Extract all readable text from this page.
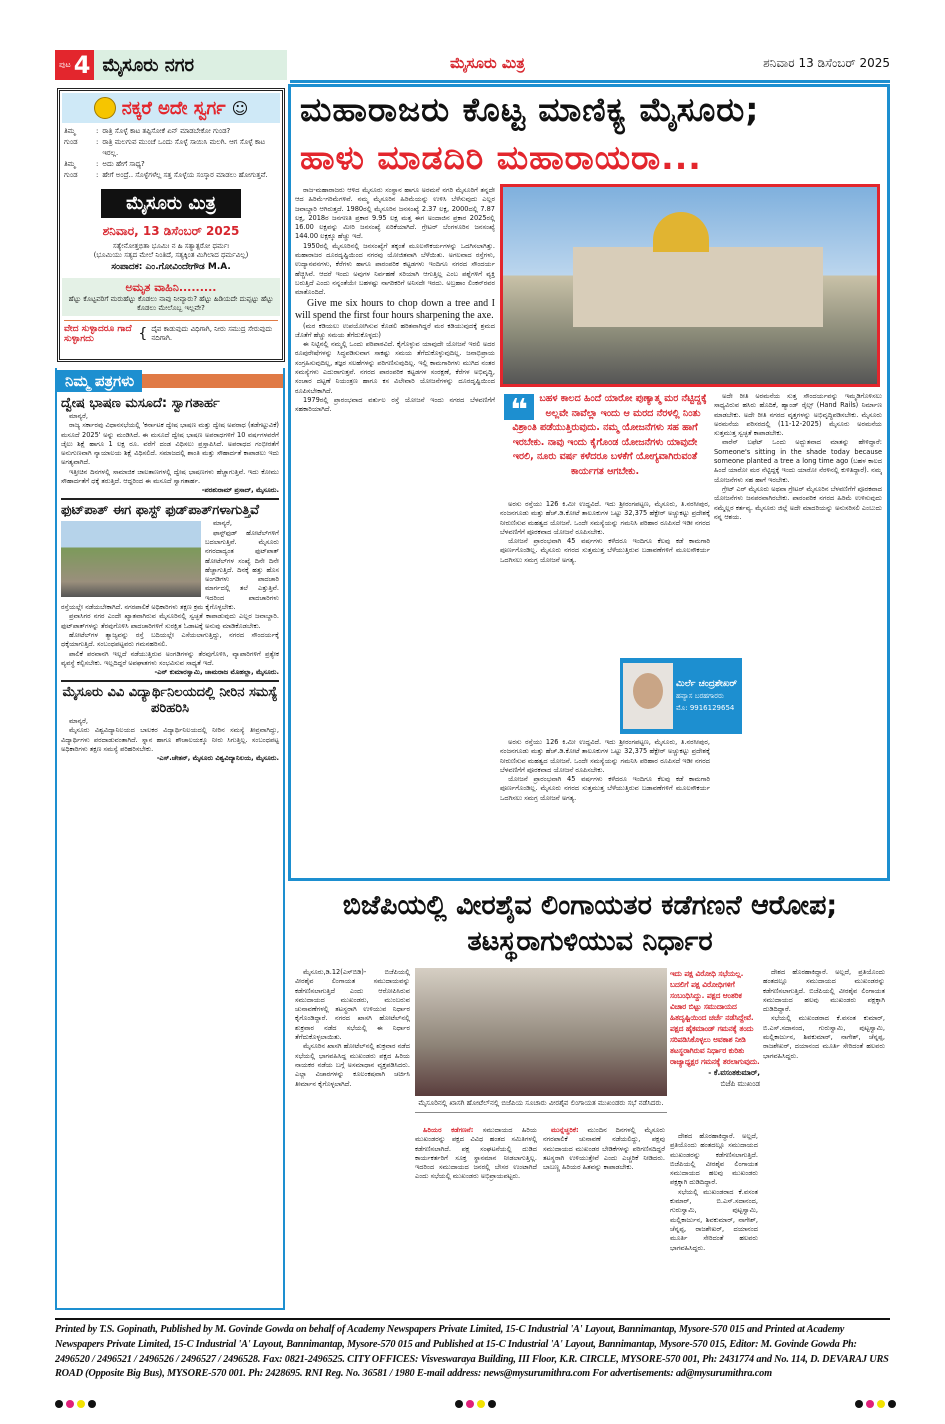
ಪುಟ 4 ಮೈಸೂರು ನಗರ	ಮೈಸೂರು ಮಿತ್ರ	ಶನಿವಾರ 13 ಡಿಸೆಂಬರ್ 2025
ನಕ್ಕರೆ ಅದೇ ಸ್ವರ್ಗ ☺
ತಿಮ್ಮ	: ರಾತ್ರಿ ಸೊಳ್ಳೆ ಕಾಟ ತಪ್ಪಿಸೋಕೆ ಏನ್ ಮಾಡಬೇಕೋ ಗುಂಡ?
ಗುಂಡ	: ರಾತ್ರಿ ಮಲಗುವ ಮುಂಚೆ ಒಂದು ಸೊಳ್ಳೆ ಸಾಯಿಸಿ ಮಲಗಿ. ಆಗ ಸೊಳ್ಳೆ ಕಾಟ ಇರಲ್ಲ.
ತಿಮ್ಮ	: ಅದು ಹೇಗೆ ಸಾಧ್ಯ?
ಗುಂಡ	: ಹೇಗೆ ಅಂದ್ರೆ.. ಸೊಳ್ಳೆಗಳೆಲ್ಲ ಸತ್ತ ಸೊಳ್ಳೆಯ ಸಂಸ್ಕಾರ ಮಾಡಲು ಹೋಗುತ್ತವೆ.
ಮೈಸೂರು ಮಿತ್ರ
ಶನಿವಾರ, 13 ಡಿಸೆಂಬರ್ 2025
ಸತ್ಯೇನೋತ್ತಭಿತಾ ಭೂಮಿಃ ನ ಹಿ ಸತ್ಯಾತ್ಪರೋ ಧರ್ಮಃ
(ಭೂಮಿಯು ಸತ್ಯದ ಮೇಲೆ ನಿಂತಿದೆ, ಸತ್ಯಕ್ಕಿಂತ ಮಿಗಿಲಾದ ಧರ್ಮವಿಲ್ಲ)
ಸಂಪಾದಕ: ಎಂ.ಗೋವಿಂದೇಗೌಡ M.A.
ಅಮೃತ ವಾಹಿನಿ.........
ಹೆಟ್ಟು ಕೊಟ್ಟವರಿಗೆ ಮರುಹೆಟ್ಟು ಕೊಡಲು ನಾವು ನೀವ್ಯಾರು? ಹೆಟ್ಟು ಹಿಡಿಯದೇ ದುಪ್ಪಟ್ಟು ಹೆಟ್ಟು ಕೊಡಲು ಮೇಲೊಬ್ಬ ಇಲ್ಲವೇ?
ವೇದ ಸುಳ್ಳಾದರೂ ಗಾದೆ ಸುಳ್ಳಾಗದು	{ ದೈವ ಕಾಡುವುದು ವಿಧಿಗಾಗಿ, ನೀರು ಸಮುದ್ರ ಸೇರುವುದು ನದಿಗಾಗಿ.
ನಿಮ್ಮ ಪತ್ರಗಳು
ದ್ವೇಷ ಭಾಷಣ ಮಸೂದೆ: ಸ್ವಾಗತಾರ್ಹ

ಮಾನ್ಯರೆ,

ರಾಜ್ಯ ಸರ್ಕಾರವು ವಿಧಾನಸಭೆಯಲ್ಲಿ 'ಕರ್ನಾಟಕ ದ್ವೇಷ ಭಾಷಣ ಮತ್ತು ದ್ವೇಷ ಅಪರಾಧ (ತಡೆಗಟ್ಟುವಿಕೆ) ಮಸೂದೆ 2025' ಅನ್ನು ಮಂಡಿಸಿದೆ. ಈ ಮಸೂದೆ ದ್ವೇಷ ಭಾಷಣ ಅಪರಾಧಗಳಿಗೆ 10 ವರ್ಷಗಳವರೆಗೆ ಜೈಲು ಶಿಕ್ಷೆ ಹಾಗೂ 1 ಲಕ್ಷ ರೂ. ವರೆಗೆ ದಂಡ ವಿಧಿಸಲು ಪ್ರಸ್ತಾಪಿಸಿದೆ. ಅಪರಾಧದ ಗಂಭೀರತೆಗೆ ಅನುಗುಣವಾಗಿ ನ್ಯಾಯಾಲಯ ಶಿಕ್ಷೆ ವಿಧಿಸಲಿದೆ. ಸಮಾಜದಲ್ಲಿ ಶಾಂತಿ ಮತ್ತು ಸೌಹಾರ್ದತೆ ಕಾಪಾಡಲು ಇದು ಅಗತ್ಯವಾಗಿದೆ.

ಇತ್ತೀಚಿನ ದಿನಗಳಲ್ಲಿ ಸಾಮಾಜಿಕ ಜಾಲತಾಣಗಳಲ್ಲಿ ದ್ವೇಷ ಭಾಷಣಗಳು ಹೆಚ್ಚಾಗುತ್ತಿವೆ. ಇದು ಕೋಮು ಸೌಹಾರ್ದತೆಗೆ ಧಕ್ಕೆ ತರುತ್ತಿದೆ. ಆದ್ದರಿಂದ ಈ ಮಸೂದೆ ಸ್ವಾಗತಾರ್ಹ.

-ಪರಶುರಾಮ್ ಪ್ರಸಾದ್, ಮೈಸೂರು.
ಫುಟ್‌ಪಾತ್ ಈಗ ಫಾಸ್ಟ್ ಫುಡ್‌ಪಾತ್‌ಗಳಾಗುತ್ತಿವೆ

ಮಾನ್ಯರೆ,

ಫಾಸ್ಟ್‌ಫುಡ್ ಹೋಟೆಲ್‌ಗಳಿಗೆ ಬದಲಾಗುತ್ತಿವೆ. ಮೈಸೂರು ನಗರದಾದ್ಯಂತ ಫುಟ್‌ಪಾತ್ ಹೋಟೆಲ್‌ಗಳ ಸಂಖ್ಯೆ ದಿನೇ ದಿನೇ ಹೆಚ್ಚಾಗುತ್ತಿದೆ. ದಿನಕ್ಕೆ ಹತ್ತು ಹೊಸ ಅಂಗಡಿಗಳು ಪಾದಚಾರಿ ಮಾರ್ಗದಲ್ಲಿ ತಲೆ ಎತ್ತುತ್ತಿವೆ. ಇದರಿಂದ ಪಾದಚಾರಿಗಳು ರಸ್ತೆಯಲ್ಲೇ ನಡೆಯಬೇಕಾಗಿದೆ. ನಗರಪಾಲಿಕೆ ಅಧಿಕಾರಿಗಳು ತಕ್ಷಣ ಕ್ರಮ ಕೈಗೊಳ್ಳಬೇಕು.

ಪ್ರವಾಸಿಗರ ನಗರ ಎಂದೇ ಖ್ಯಾತವಾಗಿರುವ ಮೈಸೂರಿನಲ್ಲಿ ಸ್ವಚ್ಛತೆ ಕಾಪಾಡುವುದು ಎಲ್ಲರ ಜವಾಬ್ದಾರಿ. ಫುಟ್‌ಪಾತ್‌ಗಳನ್ನು ತೆರವುಗೊಳಿಸಿ ಪಾದಚಾರಿಗಳಿಗೆ ಸುರಕ್ಷಿತ ಓಡಾಟಕ್ಕೆ ಅನುವು ಮಾಡಿಕೊಡಬೇಕು.

ಹೋಟೆಲ್‌ಗಳ ತ್ಯಾಜ್ಯವನ್ನು ರಸ್ತೆ ಬದಿಯಲ್ಲೇ ಎಸೆಯಲಾಗುತ್ತಿದ್ದು, ನಗರದ ಸೌಂದರ್ಯಕ್ಕೆ ಧಕ್ಕೆಯಾಗುತ್ತಿದೆ. ಸಂಬಂಧಪಟ್ಟವರು ಗಮನಹರಿಸಲಿ.

ಪಾಲಿಕೆ ಪರವಾನಗಿ ಇಲ್ಲದೆ ನಡೆಯುತ್ತಿರುವ ಅಂಗಡಿಗಳನ್ನು ತೆರವುಗೊಳಿಸಿ, ವ್ಯಾಪಾರಿಗಳಿಗೆ ಪ್ರತ್ಯೇಕ ವ್ಯವಸ್ಥೆ ಕಲ್ಪಿಸಬೇಕು. ಇಲ್ಲದಿದ್ದರೆ ಅಪಘಾತಗಳು ಸಂಭವಿಸುವ ಸಾಧ್ಯತೆ ಇದೆ.

-ಎನ್ ಕುಮಾರಸ್ವಾಮಿ, ಚಾಮರಾಜ ಮೊಹಲ್ಲಾ, ಮೈಸೂರು.
ಮೈಸೂರು ವಿವಿ ವಿದ್ಯಾರ್ಥಿನಿಲಯದಲ್ಲಿ ನೀರಿನ ಸಮಸ್ಯೆ ಪರಿಹರಿಸಿ

ಮಾನ್ಯರೆ,

ಮೈಸೂರು ವಿಶ್ವವಿದ್ಯಾನಿಲಯದ ಬಾಲಕರ ವಿದ್ಯಾರ್ಥಿನಿಲಯದಲ್ಲಿ ನೀರಿನ ಸಮಸ್ಯೆ ತೀವ್ರವಾಗಿದ್ದು, ವಿದ್ಯಾರ್ಥಿಗಳು ಪರದಾಡುವಂತಾಗಿದೆ. ಸ್ನಾನ ಹಾಗೂ ಶೌಚಾಲಯಕ್ಕೂ ನೀರು ಸಿಗುತ್ತಿಲ್ಲ. ಸಂಬಂಧಪಟ್ಟ ಅಧಿಕಾರಿಗಳು ತಕ್ಷಣ ಸಮಸ್ಯೆ ಪರಿಹರಿಸಬೇಕು.

-ಎಸ್.ಚೇತನ್, ಮೈಸೂರು ವಿಶ್ವವಿದ್ಯಾನಿಲಯ, ಮೈಸೂರು.
ಮಹಾರಾಜರು ಕೊಟ್ಟ ಮಾಣಿಕ್ಯ ಮೈಸೂರು;
ಹಾಳು ಮಾಡದಿರಿ ಮಹಾರಾಯರಾ...

ರಾಜ-ಮಹಾರಾಜರು ಆಳಿದ ಮೈಸೂರು ಸಂಸ್ಥಾನ ಹಾಗೂ ಅರಮನೆ ನಗರಿ ಮೈಸೂರಿಗೆ ತನ್ನದೇ ಆದ ಹಿರಿಮೆ-ಗರಿಮೆಗಳಿವೆ. ನಮ್ಮ ಮೈಸೂರಿನ ಹಿರಿಮೆಯನ್ನು ಉಳಿಸಿ ಬೆಳೆಸುವುದು ಎಲ್ಲರ ಜವಾಬ್ದಾರಿ ಆಗಿರುತ್ತದೆ. 1980ರಲ್ಲಿ ಮೈಸೂರಿನ ಜನಸಂಖ್ಯೆ 2.37 ಲಕ್ಷ, 2000ದಲ್ಲಿ 7.87 ಲಕ್ಷ, 2018ರ ಜನಗಣತಿ ಪ್ರಕಾರ 9.95 ಲಕ್ಷ ಮತ್ತ ಈಗ ಅಂದಾಜಿನ ಪ್ರಕಾರ 2025ರಲ್ಲಿ 16.00 ಲಕ್ಷವನ್ನು ಮೀರಿ ಜನಸಂಖ್ಯೆ ಏರಿಕೆಯಾಗಿದೆ. ಗ್ರೇಟರ್ ಬೆಂಗಳೂರಿನ ಜನಸಂಖ್ಯೆ 144.00 ಲಕ್ಷಕ್ಕೂ ಹೆಚ್ಚು ಇದೆ.

1950ರಲ್ಲಿ ಮೈಸೂರಿನಲ್ಲಿ ಜನಸಂಖ್ಯೆಗೆ ತಕ್ಕಂತೆ ಮೂಲಸೌಕರ್ಯಗಳನ್ನು ಒದಗಿಸಲಾಗಿತ್ತು. ಮಹಾರಾಜರ ದೂರದೃಷ್ಟಿಯಿಂದ ನಗರವು ಯೋಜಿತವಾಗಿ ಬೆಳೆಯಿತು. ಅಗಲವಾದ ರಸ್ತೆಗಳು, ಉದ್ಯಾನವನಗಳು, ಕೆರೆಗಳು ಹಾಗೂ ಪಾರಂಪರಿಕ ಕಟ್ಟಡಗಳು ಇಂದಿಗೂ ನಗರದ ಸೌಂದರ್ಯ ಹೆಚ್ಚಿಸಿವೆ. ಆದರೆ ಇಂದು ಅವುಗಳ ನಿರ್ವಹಣೆ ಸರಿಯಾಗಿ ಆಗುತ್ತಿಲ್ಲ ಎಂಬ ಪಶ್ನೆಗಳಿಗೆ ವ್ಯಕ್ತಿ ಬರುತ್ತಿದೆ ಎಂದು ನನ್ನಂತೆಯೇ ಬಹಳಷ್ಟು ನಾಗರಿಕರಿಗೆ ಅನಿಸದೇ ಇರದು. ಅಬ್ರಹಾಂ ಲಿಂಕನ್‌ರವರ ಮಾತೊಂದಿದೆ.

Give me six hours to chop down a tree and I will spend the first four hours sharpening the axe.

(ಮರ ಕಡಿಯಲು ಉಪಯೋಗಿಸುವ ಕೊಡಲಿ ಹರಿತವಾಗಿದ್ದರೆ ಮರ ಕಡಿಯುವುದಕ್ಕೆ ಶ್ರಮದ ಜೊತೆಗೆ ಹೆಚ್ಚು ಸಮಯ ತೆಗೆದುಕೊಳ್ಳದು)

ಈ ನಿಟ್ಟಿನಲ್ಲಿ ನಮ್ಮಲ್ಲಿ ಒಂದು ಪರಿಪಾಠವಿದೆ. ಕೈಗೊಳ್ಳುವ ಯಾವುದೇ ಯೋಜನೆ ಇರಲಿ ಅದರ ರೂಪುರೇಷೆಗಳನ್ನು ಸಿದ್ಧಪಡಿಸುವಾಗ ಸಾಕಷ್ಟು ಸಮಯ ತೆಗೆದುಕೊಳ್ಳುವುದಿಲ್ಲ. ಜನಾಭಿಪ್ರಾಯ ಸಂಗ್ರಹಿಸುವುದಿಲ್ಲ, ತಜ್ಞರ ಸಲಹೆಗಳನ್ನು ಪರಿಗಣಿಸುವುದಿಲ್ಲ. ಇಲ್ಲಿ ಕಾಮಗಾರಿಗಳು ಮುಗಿದ ನಂತರ ಸಮಸ್ಯೆಗಳು ಎದುರಾಗುತ್ತವೆ. ನಗರದ ಪಾರಂಪರಿಕ ಕಟ್ಟಡಗಳ ಸಂರಕ್ಷಣೆ, ಕೆರೆಗಳ ಅಭಿವೃದ್ಧಿ, ಸಂಚಾರ ದಟ್ಟಣೆ ನಿಯಂತ್ರಣ ಹಾಗೂ ಕಸ ವಿಲೇವಾರಿ ಯೋಜನೆಗಳನ್ನು ದೂರದೃಷ್ಟಿಯಿಂದ ರೂಪಿಸಬೇಕಾಗಿದೆ.

1979ರಲ್ಲಿ ಪ್ರಾರಂಭವಾದ ವರ್ತುಲ ರಸ್ತೆ ಯೋಜನೆ ಇಂದು ನಗರದ ಬೆಳವಣಿಗೆಗೆ ಸಹಕಾರಿಯಾಗಿದೆ.	❝	ಬಹಳ ಕಾಲದ ಹಿಂದೆ ಯಾರೋ ಪುಣ್ಯಾತ್ಮ ಮರ ನೆಟ್ಟಿದ್ದಕ್ಕೆ ಅಲ್ಲವೇ ನಾವೆಲ್ಲಾ ಇಂದು ಆ ಮರದ ನೆರಳಲ್ಲಿ ನಿಂತು ವಿಶ್ರಾಂತಿ ಪಡೆಯುತ್ತಿರುವುದು. ನಮ್ಮ ಯೋಜನೆಗಳು ಸಹ ಹಾಗೆ ಇರಬೇಕು. ನಾವು ಇಂದು ಕೈಗೊಂಡ ಯೋಜನೆಗಳು ಯಾವುದೇ ಇರಲಿ, ನೂರು ವರ್ಷ ಕಳೆದರೂ ಬಳಕೆಗೆ ಯೋಗ್ಯವಾಗಿರುವಂತೆ ಕಾರ್ಯಗತ ಆಗಬೇಕು.

ಅರಸು ರಸ್ತೆಯು 126 ಕಿ.ಮೀ ಉದ್ದವಿದೆ. ಇದು ಶ್ರೀರಂಗಪಟ್ಟಣ, ಮೈಸೂರು, ತಿ.ನರಸೀಪುರ, ನಂಜನಗೂಡು ಮತ್ತು ಹೆಚ್.ಡಿ.ಕೋಟೆ ತಾಲೂಕುಗಳ ಒಟ್ಟು 32,375 ಹೆಕ್ಟೇರ್ ಅಚ್ಚುಕಟ್ಟು ಪ್ರದೇಶಕ್ಕೆ ನೀರುಣಿಸುವ ಮಹತ್ವದ ಯೋಜನೆ. ಒಂದೇ ಸಮಸ್ಯೆಯನ್ನು ಗಮನಿಸಿ ಪರಿಹಾರ ರೂಪಿಸದೆ ಇಡೀ ನಗರದ ಬೆಳವಣಿಗೆಗೆ ಪೂರಕವಾದ ಯೋಜನೆ ರೂಪಿಸಬೇಕು.

ಯೋಜನೆ ಪ್ರಾರಂಭವಾಗಿ 45 ವರ್ಷಗಳು ಕಳೆದರೂ ಇಂದಿಗೂ ಕೆಲವು ಕಡೆ ಕಾಮಗಾರಿ ಪೂರ್ಣಗೊಂಡಿಲ್ಲ. ಮೈಸೂರು ನಗರದ ಸುತ್ತಮುತ್ತ ಬೆಳೆಯುತ್ತಿರುವ ಬಡಾವಣೆಗಳಿಗೆ ಮೂಲಸೌಕರ್ಯ ಒದಗಿಸಲು ಸಮಗ್ರ ಯೋಜನೆ ಅಗತ್ಯ.

ಮಿರ್ಲೆ ಚಂದ್ರಶೇಖರ್
ಹವ್ಯಾಸ ಬರಹಗಾರರು
ಮೊ: 9916129654

ಅರಸು ರಸ್ತೆಯು 126 ಕಿ.ಮೀ ಉದ್ದವಿದೆ. ಇದು ಶ್ರೀರಂಗಪಟ್ಟಣ, ಮೈಸೂರು, ತಿ.ನರಸೀಪುರ, ನಂಜನಗೂಡು ಮತ್ತು ಹೆಚ್.ಡಿ.ಕೋಟೆ ತಾಲೂಕುಗಳ ಒಟ್ಟು 32,375 ಹೆಕ್ಟೇರ್ ಅಚ್ಚುಕಟ್ಟು ಪ್ರದೇಶಕ್ಕೆ ನೀರುಣಿಸುವ ಮಹತ್ವದ ಯೋಜನೆ. ಒಂದೇ ಸಮಸ್ಯೆಯನ್ನು ಗಮನಿಸಿ ಪರಿಹಾರ ರೂಪಿಸದೆ ಇಡೀ ನಗರದ ಬೆಳವಣಿಗೆಗೆ ಪೂರಕವಾದ ಯೋಜನೆ ರೂಪಿಸಬೇಕು.

ಯೋಜನೆ ಪ್ರಾರಂಭವಾಗಿ 45 ವರ್ಷಗಳು ಕಳೆದರೂ ಇಂದಿಗೂ ಕೆಲವು ಕಡೆ ಕಾಮಗಾರಿ ಪೂರ್ಣಗೊಂಡಿಲ್ಲ. ಮೈಸೂರು ನಗರದ ಸುತ್ತಮುತ್ತ ಬೆಳೆಯುತ್ತಿರುವ ಬಡಾವಣೆಗಳಿಗೆ ಮೂಲಸೌಕರ್ಯ ಒದಗಿಸಲು ಸಮಗ್ರ ಯೋಜನೆ ಅಗತ್ಯ.

ಅದೇ ರೀತಿ ಅರಮನೆಯ ಸುತ್ತ ಸೌಂದರ್ಯವನ್ನು ಇಮ್ಮಡಿಗೊಳಿಸಲು ಸಾಧ್ಯವಿರುವ ಹಸಿರು ಹೊದಿಕೆ, ಹ್ಯಾಂಡ್ ರೈಲ್ಸ್ (Hand Rails) ನಿರ್ಮಾಣ ಮಾಡಬೇಕು. ಅದೇ ರೀತಿ ನಗರದ ವೃತ್ತಗಳನ್ನು ಅಭಿವೃದ್ಧಿಪಡಿಸಬೇಕು. ಮೈಸೂರು ಅರಮನೆಯ ಪರಿಸರದಲ್ಲಿ (11-12-2025) ಮೈಸೂರು ಅರಮನೆಯ ಸುತ್ತಮುತ್ತ ಸ್ವಚ್ಛತೆ ಕಾಪಾಡಬೇಕು.

ವಾರೆನ್ ಬಫೆಟ್ ಒಂದು ಅದ್ಭುತವಾದ ಮಾತನ್ನು ಹೇಳಿದ್ದಾರೆ: Someone's sitting in the shade today because someone planted a tree a long time ago (ಬಹಳ ಕಾಲದ ಹಿಂದೆ ಯಾರೋ ಮರ ನೆಟ್ಟಿದ್ದಕ್ಕೆ ಇಂದು ಯಾರೋ ನೆರಳಿನಲ್ಲಿ ಕುಳಿತಿದ್ದಾರೆ). ನಮ್ಮ ಯೋಜನೆಗಳು ಸಹ ಹಾಗೆ ಇರಬೇಕು.

ಗ್ರೇಟ್ ಎರ್ ಮೈಸೂರು ಅಥವಾ ಗ್ರೇಟರ್ ಮೈಸೂರಿನ ಬೆಳವಣಿಗೆಗೆ ಪೂರಕವಾದ ಯೋಜನೆಗಳು ಜನಪರವಾಗಿರಬೇಕು. ಪಾರಂಪರಿಕ ನಗರದ ಹಿರಿಮೆ ಉಳಿಸುವುದು ನಮ್ಮೆಲ್ಲರ ಕರ್ತವ್ಯ. ಮೈಸೂರು ಜಿಲ್ಲೆ ಅದೇ ಮಾದರಿಯನ್ನು ಅನುಸರಿಸಲಿ ಎಂಬುದು ನನ್ನ ಆಶಯ.

ಬಿಜೆಪಿಯಲ್ಲಿ ವೀರಶೈವ ಲಿಂಗಾಯತರ ಕಡೆಗಣನೆ ಆರೋಪ; ತಟಸ್ಥರಾಗುಳಿಯುವ ನಿರ್ಧಾರ

ಮೈಸೂರು,ಡಿ.12(ಎಸ್‌ಬಿಡಿ)- ಬಿಜೆಪಿಯಲ್ಲಿ ವೀರಶೈವ ಲಿಂಗಾಯತ ಸಮುದಾಯವನ್ನು ಕಡೆಗಣಿಸಲಾಗುತ್ತಿದೆ ಎಂದು ಆರೋಪಿಸಿರುವ ಸಮುದಾಯದ ಮುಖಂಡರು, ಮುಂಬರುವ ಚುನಾವಣೆಗಳಲ್ಲಿ ತಟಸ್ಥರಾಗಿ ಉಳಿಯುವ ನಿರ್ಧಾರ ಕೈಗೊಂಡಿದ್ದಾರೆ. ನಗರದ ಖಾಸಗಿ ಹೋಟೆಲ್‌ನಲ್ಲಿ ಶುಕ್ರವಾರ ನಡೆದ ಸಭೆಯಲ್ಲಿ ಈ ನಿರ್ಧಾರ ತೆಗೆದುಕೊಳ್ಳಲಾಯಿತು.

ಮೈಸೂರಿನ ಖಾಸಗಿ ಹೋಟೆಲ್‌ನಲ್ಲಿ ಶುಕ್ರವಾರ ನಡೆದ ಸಭೆಯಲ್ಲಿ ಭಾಗವಹಿಸಿದ್ದ ಮುಖಂಡರು ಪಕ್ಷದ ಹಿರಿಯ ನಾಯಕರ ನಡೆಯ ಬಗ್ಗೆ ಅಸಮಾಧಾನ ವ್ಯಕ್ತಪಡಿಸಿದರು. ಎಲ್ಲಾ ವಿಚಾರಗಳನ್ನು ಕೂಲಂಕಷವಾಗಿ ಚರ್ಚಿಸಿ ತೀರ್ಮಾನ ಕೈಗೊಳ್ಳಲಾಗಿದೆ.

ಮೈಸೂರಿನಲ್ಲಿ ಖಾಸಗಿ ಹೋಟೆಲ್‌ನಲ್ಲಿ ಬಿಜೆಪಿಯ ಸೂಚಾರು ವೀರಶೈವ ಲಿಂಗಾಯತ ಮುಖಂಡರು ಸಭೆ ನಡೆಸಿದರು.

ಹಿರಿಯರ ಕಡೆಗಣನೆ: ಸಮುದಾಯದ ಹಿರಿಯ ಮುಖಂಡರನ್ನು ಪಕ್ಷದ ವಿವಿಧ ಹಂತದ ಸಮಿತಿಗಳಲ್ಲಿ ಕಡೆಗಣಿಸಲಾಗಿದೆ. ಪಕ್ಷ ಸಂಘಟನೆಯಲ್ಲಿ ದುಡಿದ ಕಾರ್ಯಕರ್ತರಿಗೆ ಸೂಕ್ತ ಸ್ಥಾನಮಾನ ನೀಡಲಾಗುತ್ತಿಲ್ಲ. ಇದರಿಂದ ಸಮುದಾಯದ ಜನರಲ್ಲಿ ಬೇಸರ ಉಂಟಾಗಿದೆ ಎಂದು ಸಭೆಯಲ್ಲಿ ಮುಖಂಡರು ಅಭಿಪ್ರಾಯಪಟ್ಟರು.

ಮುನ್ನೆಚ್ಚರಿಕೆ: ಮುಂದಿನ ದಿನಗಳಲ್ಲಿ ಮೈಸೂರು ನಗರಪಾಲಿಕೆ ಚುನಾವಣೆ ನಡೆಯಲಿದ್ದು, ಪಕ್ಷವು ಸಮುದಾಯದ ಮುಖಂಡರ ಬೇಡಿಕೆಗಳನ್ನು ಪರಿಗಣಿಸದಿದ್ದರೆ ತಟಸ್ಥರಾಗಿ ಉಳಿಯುತ್ತೇವೆ ಎಂದು ಎಚ್ಚರಿಕೆ ನೀಡಿದರು. ಬಾಬಣ್ಣ ಹಿರಿಯರ ಹಿತವನ್ನು ಕಾಪಾಡಬೇಕು.

ಇದು ಪಕ್ಷ ವಿರೋಧಿ ಸಭೆಯಲ್ಲ. ಬದಲಿಗೆ ಪಕ್ಷ ವಿರೋಧಿಗಳಿಗೆ ಸಂಬಂಧಿಸಿದ್ದು. ಪಕ್ಷದ ಆಂತರಿಕ ವಿಚಾರ ಬಿಟ್ಟು ಸಮುದಾಯದ ಹಿತದೃಷ್ಟಿಯಿಂದ ಚರ್ಚೆ ನಡೆಸಿದ್ದೇವೆ. ಪಕ್ಷದ ಹೈಕಮಾಂಡ್ ಗಮನಕ್ಕೆ ತಂದು ಸರಿಪಡಿಸಿಕೊಳ್ಳಲು ಅವಕಾಶ ನೀಡಿ ತಟಸ್ಥರಾಗಿರುವ ನಿರ್ಧಾರ ಕುರಿತು ರಾಜ್ಯಾಧ್ಯಕ್ಷರ ಗಮನಕ್ಕೆ ತರಲಾಗುವುದು.
- ಕೆ.ವಸಂತಕುಮಾರ್,
ಬಿಜೆಪಿ ಮುಖಂಡ

ದೇಶದ ಹೊರಹಾಕಿದ್ದಾರೆ. ಅಲ್ಲದೆ, ಪ್ರತಿಯೊಂದು ಹಂತದಲ್ಲೂ ಸಮುದಾಯದ ಮುಖಂಡರನ್ನು ಕಡೆಗಣಿಸಲಾಗುತ್ತಿದೆ. ಬಿಜೆಪಿಯಲ್ಲಿ ವೀರಶೈವ ಲಿಂಗಾಯತ ಸಮುದಾಯದ ಹಲವು ಮುಖಂಡರು ಪಕ್ಷಕ್ಕಾಗಿ ದುಡಿದಿದ್ದಾರೆ.

ಸಭೆಯಲ್ಲಿ ಮುಖಂಡರಾದ ಕೆ.ವಸಂತ ಕುಮಾರ್, ಬಿ.ಎಸ್.ಸದಾನಂದ, ಗುರುಸ್ವಾಮಿ, ಪುಟ್ಟಸ್ವಾಮಿ, ಮಲ್ಲಿಕಾರ್ಜುನ, ಶಿವಕುಮಾರ್, ನಾಗೇಶ್, ಚೆನ್ನಪ್ಪ, ರಾಜಶೇಖರ್, ದಯಾನಂದ ಮೂರ್ತಿ ಸೇರಿದಂತೆ ಹಲವರು ಭಾಗವಹಿಸಿದ್ದರು.

ದೇಶದ ಹೊರಹಾಕಿದ್ದಾರೆ. ಅಲ್ಲದೆ, ಪ್ರತಿಯೊಂದು ಹಂತದಲ್ಲೂ ಸಮುದಾಯದ ಮುಖಂಡರನ್ನು ಕಡೆಗಣಿಸಲಾಗುತ್ತಿದೆ. ಬಿಜೆಪಿಯಲ್ಲಿ ವೀರಶೈವ ಲಿಂಗಾಯತ ಸಮುದಾಯದ ಹಲವು ಮುಖಂಡರು ಪಕ್ಷಕ್ಕಾಗಿ ದುಡಿದಿದ್ದಾರೆ.

ಸಭೆಯಲ್ಲಿ ಮುಖಂಡರಾದ ಕೆ.ವಸಂತ ಕುಮಾರ್, ಬಿ.ಎಸ್.ಸದಾನಂದ, ಗುರುಸ್ವಾಮಿ, ಪುಟ್ಟಸ್ವಾಮಿ, ಮಲ್ಲಿಕಾರ್ಜುನ, ಶಿವಕುಮಾರ್, ನಾಗೇಶ್, ಚೆನ್ನಪ್ಪ, ರಾಜಶೇಖರ್, ದಯಾನಂದ ಮೂರ್ತಿ ಸೇರಿದಂತೆ ಹಲವರು ಭಾಗವಹಿಸಿದ್ದರು.

Printed by T.S. Gopinath, Published by M. Govinde Gowda on behalf of Academy Newspapers Private Limited, 15-C Industrial 'A' Layout, Bannimantap, Mysore-570 015 and Printed at Academy Newspapers Private Limited, 15-C Industrial 'A' Layout, Bannimantap, Mysore-570 015 and Published at 15-C Industrial 'A' Layout, Bannimantap, Mysore-570 015, Editor: M. Govinde Gowda Ph: 2496520 / 2496521 / 2496526 / 2496527 / 2496528. Fax: 0821-2496525. CITY OFFICES: Visveswaraya Building, III Floor, K.R. CIRCLE, MYSORE-570 001, Ph: 2431774 and No. 114, D. DEVARAJ URS ROAD (Opposite Big Bus), MYSORE-570 001. Ph: 2428695. RNI Reg. No. 36581 / 1980 E-mail address: news@mysurumithra.com For advertisements: ad@mysurumithra.com
